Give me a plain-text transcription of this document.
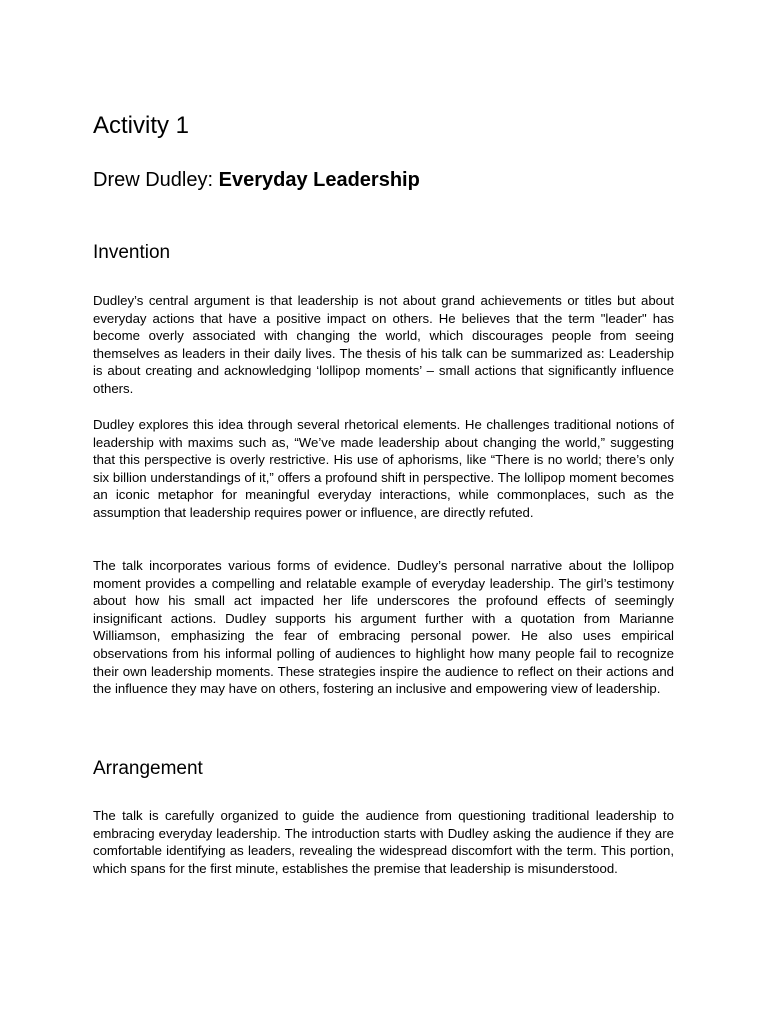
Activity 1
Drew Dudley: Everyday Leadership
Invention

Dudley’s central argument is that leadership is not about grand achievements or titles but about everyday actions that have a positive impact on others. He believes that the term "leader" has become overly associated with changing the world, which discourages people from seeing themselves as leaders in their daily lives. The thesis of his talk can be summarized as: Leadership is about creating and acknowledging ‘lollipop moments’ – small actions that significantly influence others.

Dudley explores this idea through several rhetorical elements. He challenges traditional notions of leadership with maxims such as, “We’ve made leadership about changing the world,” suggesting that this perspective is overly restrictive. His use of aphorisms, like “There is no world; there’s only six billion understandings of it,” offers a profound shift in perspective. The lollipop moment becomes an iconic metaphor for meaningful everyday interactions, while commonplaces, such as the assumption that leadership requires power or influence, are directly refuted.

The talk incorporates various forms of evidence. Dudley’s personal narrative about the lollipop moment provides a compelling and relatable example of everyday leadership. The girl’s testimony about how his small act impacted her life underscores the profound effects of seemingly insignificant actions. Dudley supports his argument further with a quotation from Marianne Williamson, emphasizing the fear of embracing personal power. He also uses empirical observations from his informal polling of audiences to highlight how many people fail to recognize their own leadership moments. These strategies inspire the audience to reflect on their actions and the influence they may have on others, fostering an inclusive and empowering view of leadership.

Arrangement

The talk is carefully organized to guide the audience from questioning traditional leadership to embracing everyday leadership. The introduction starts with Dudley asking the audience if they are comfortable identifying as leaders, revealing the widespread discomfort with the term. This portion, which spans for the first minute, establishes the premise that leadership is misunderstood.
